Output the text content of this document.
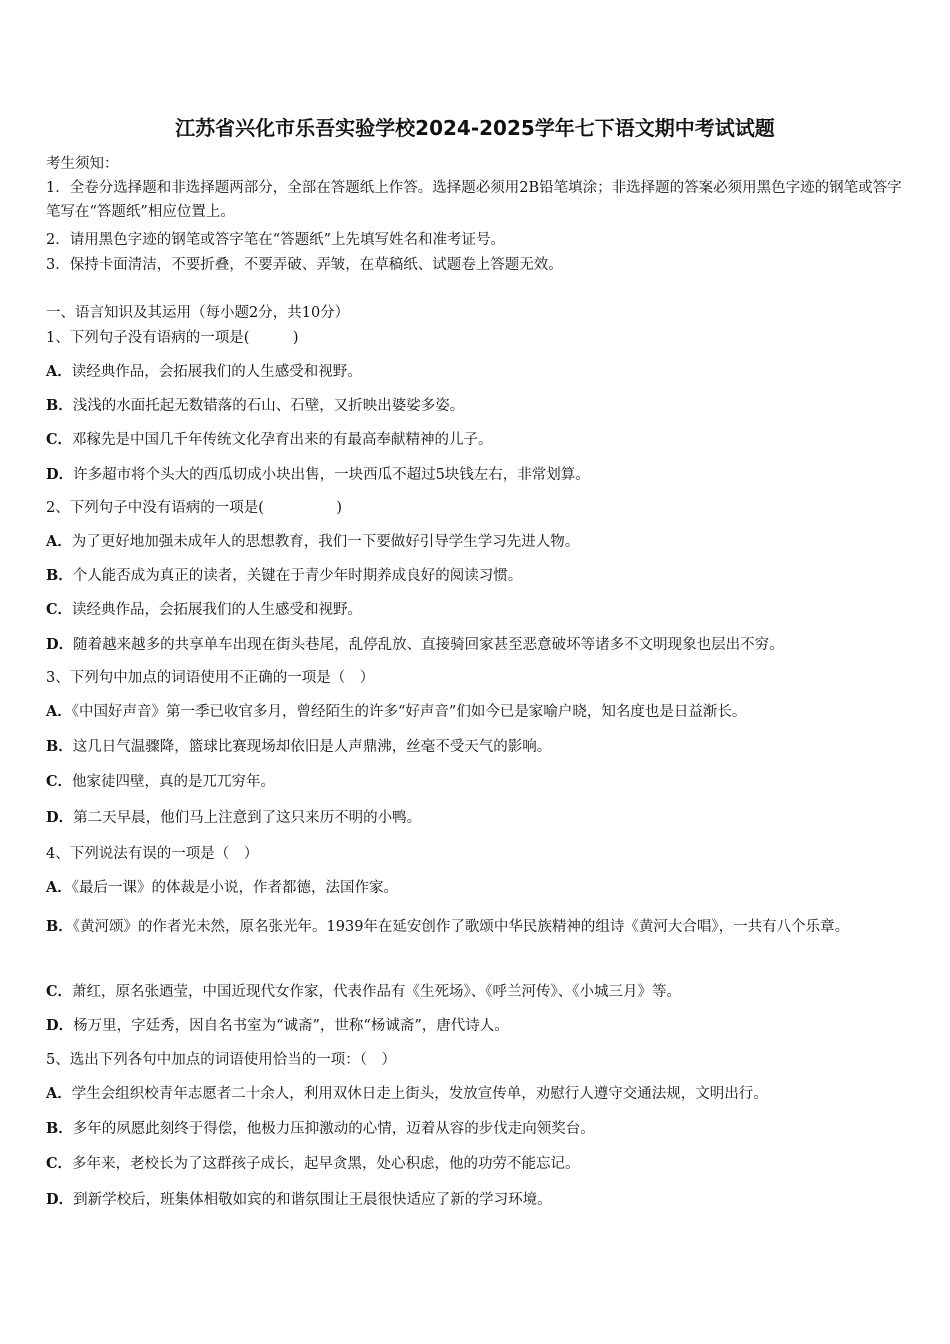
江苏省兴化市乐吾实验学校2024-2025学年七下语文期中考试试题
考生须知：
1．全卷分选择题和非选择题两部分，全部在答题纸上作答。选择题必须用2B铅笔填涂；非选择题的答案必须用黑色字迹的钢笔或答字笔写在“答题纸”相应位置上。
2．请用黑色字迹的钢笔或答字笔在“答题纸”上先填写姓名和准考证号。
3．保持卡面清洁，不要折叠，不要弄破、弄皱，在草稿纸、试题卷上答题无效。
一、语言知识及其运用（每小题2分，共10分）
1、下列句子没有语病的一项是(　　　)
A．读经典作品，会拓展我们的人生感受和视野。
B．浅浅的水面托起无数错落的石山、石壁，又折映出婆娑多姿。
C．邓稼先是中国几千年传统文化孕育出来的有最高奉献精神的儿子。
D．许多超市将个头大的西瓜切成小块出售，一块西瓜不超过5块钱左右，非常划算。
2、下列句子中没有语病的一项是(　　　　　)
A．为了更好地加强未成年人的思想教育，我们一下要做好引导学生学习先进人物。
B．个人能否成为真正的读者，关键在于青少年时期养成良好的阅读习惯。
C．读经典作品，会拓展我们的人生感受和视野。
D．随着越来越多的共享单车出现在街头巷尾，乱停乱放、直接骑回家甚至恶意破坏等诸多不文明现象也层出不穷。
3、下列句中加点的词语使用不正确的一项是（　）
A．《中国好声音》第一季已收官多月，曾经陌生的许多“好声音”们如今已是家喻户晓，知名度也是日益渐长。
B．这几日气温骤降，篮球比赛现场却依旧是人声鼎沸，丝毫不受天气的影响。
C．他家徒四壁，真的是兀兀穷年。
D．第二天早晨，他们马上注意到了这只来历不明的小鸭。
4、下列说法有误的一项是（　）
A．《最后一课》的体裁是小说，作者都德，法国作家。
B．《黄河颂》的作者光未然，原名张光年。1939年在延安创作了歌颂中华民族精神的组诗《黄河大合唱》，一共有八个乐章。
C．萧红，原名张迺莹，中国近现代女作家，代表作品有《生死场》、《呼兰河传》、《小城三月》等。
D．杨万里，字廷秀，因自名书室为“诚斋”，世称“杨诚斋”，唐代诗人。
5、选出下列各句中加点的词语使用恰当的一项：（　）
A．学生会组织校青年志愿者二十余人，利用双休日走上街头，发放宣传单，劝慰行人遵守交通法规，文明出行。
B．多年的夙愿此刻终于得偿，他极力压抑激动的心情，迈着从容的步伐走向领奖台。
C．多年来，老校长为了这群孩子成长，起早贪黑，处心积虑，他的功劳不能忘记。
D．到新学校后，班集体相敬如宾的和谐氛围让王晨很快适应了新的学习环境。
